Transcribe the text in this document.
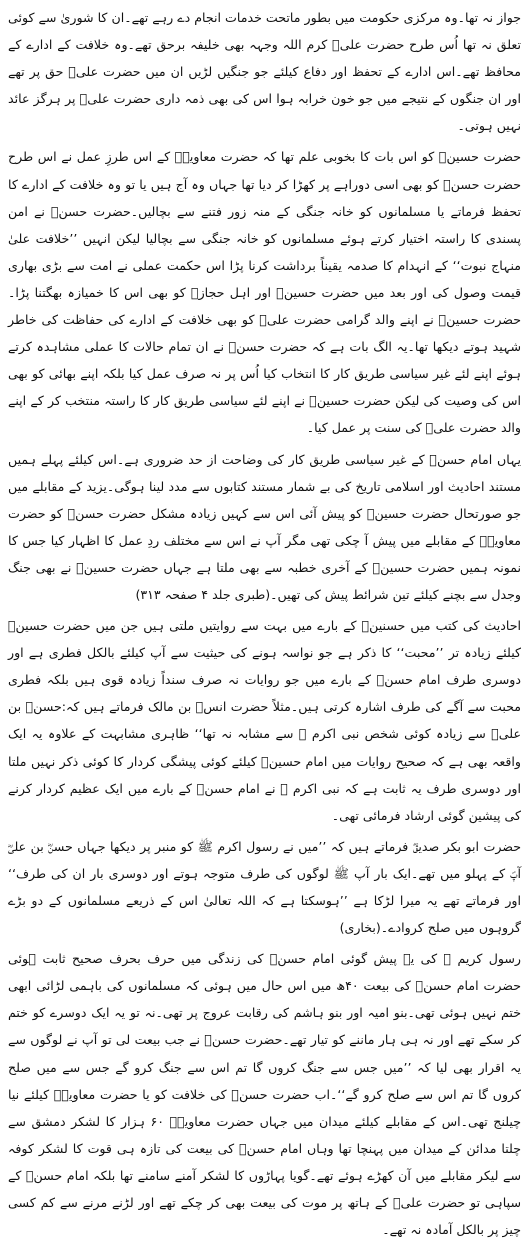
جواز نہ تھا۔وہ مرکزی حکومت میں بطور ماتحت خدمات انجام دے رہے تھے۔ان کا شوریٰ سے کوئی تعلق نہ تھا اُس طرح حضرت علیؓ کرم اللہ وجہہ بھی خلیفہ برحق تھے۔وہ خلافت کے ادارے کے محافظ تھے۔اس ادارے کے تحفظ اور دفاع کیلئے جو جنگیں لڑیں ان میں حضرت علیؓ حق پر تھے اور ان جنگوں کے نتیجے میں جو خون خرابہ ہوا اس کی بھی ذمہ داری حضرت علیؓ پر ہرگز عائد نہیں ہوتی۔

حضرت حسینؓ کو اس بات کا بخوبی علم تھا کہ حضرت معاویہؓ کے اس طرزِ عمل نے اس طرح حضرت حسنؓ کو بھی اسی دوراہے پر کھڑا کر دیا تھا جہاں وہ آج ہیں یا تو وہ خلافت کے ادارے کا تحفظ فرماتے یا مسلمانوں کو خانہ جنگی کے منہ زور فتنے سے بچالیں۔حضرت حسنؓ نے امن پسندی کا راستہ اختیار کرتے ہوئے مسلمانوں کو خانہ جنگی سے بچالیا لیکن انہیں ’’خلافت علیٰ منہاج نبوت‘‘ کے انہدام کا صدمہ یقیناً برداشت کرنا پڑا اس حکمت عملی نے امت سے بڑی بھاری قیمت وصول کی اور بعد میں حضرت حسینؓ اور اہل حجازؓ کو بھی اس کا خمیازہ بھگتنا پڑا۔حضرت حسینؓ نے اپنے والد گرامی حضرت علیؓ کو بھی خلافت کے ادارے کی حفاظت کی خاطر شہید ہوتے دیکھا تھا۔یہ الگ بات ہے کہ حضرت حسنؓ نے ان تمام حالات کا عملی مشاہدہ کرتے ہوئے اپنے لئے غیر سیاسی طریق کار کا انتخاب کیا اُس پر نہ صرف عمل کیا بلکہ اپنے بھائی کو بھی اس کی وصیت کی لیکن حضرت حسینؓ نے اپنے لئے سیاسی طریق کار کا راستہ منتخب کر کے اپنے والد حضرت علیؓ کی سنت پر عمل کیا۔

یہاں امام حسنؓ کے غیر سیاسی طریق کار کی وضاحت از حد ضروری ہے۔اس کیلئے پہلے ہمیں مستند احادیث اور اسلامی تاریخ کی بے شمار مستند کتابوں سے مدد لینا ہوگی۔یزید کے مقابلے میں جو صورتحال حضرت حسینؓ کو پیش آئی اس سے کہیں زیادہ مشکل حضرت حسنؓ کو حضرت معاویہؓ کے مقابلے میں پیش آ چکی تھی مگر آپ نے اس سے مختلف ردِ عمل کا اظہار کیا جس کا نمونہ ہمیں حضرت حسینؓ کے آخری خطبہ سے بھی ملتا ہے جہاں حضرت حسینؓ نے بھی جنگ وجدل سے بچنے کیلئے تین شرائط پیش کی تھیں۔(طبری جلد ۴ صفحہ ۳۱۳)

احادیث کی کتب میں حسنینؓ کے بارے میں بہت سے روایتیں ملتی ہیں جن میں حضرت حسینؓ کیلئے زیادہ تر ’’محبت‘‘ کا ذکر ہے جو نواسہ ہونے کی حیثیت سے آپ کیلئے بالکل فطری ہے اور دوسری طرف امام حسنؓ کے بارے میں جو روایات نہ صرف سنداً زیادہ قوی ہیں بلکہ فطری محبت سے آگے کی طرف اشارہ کرتی ہیں۔مثلاً حضرت انسؓ بن مالک فرماتے ہیں کہ:حسنؓ بن علیؓ سے زیادہ کوئی شخص نبی اکرم ﷺ سے مشابہ نہ تھا‘‘ ظاہری مشابہت کے علاوہ یہ ایک واقعہ بھی ہے کہ صحیح روایات میں امام حسینؓ کیلئے کوئی پیشگی کردار کا کوئی ذکر نہیں ملتا اور دوسری طرف یہ ثابت ہے کہ نبی اکرم ﷺ نے امام حسنؓ کے بارے میں ایک عظیم کردار کرنے کی پیشین گوئی ارشاد فرمائی تھی۔

حضرت ابو بکر صدیقؓ فرماتے ہیں کہ ’’میں نے رسول اکرم ﷺ کو منبر پر دیکھا جہاں حسنؓ بن علیؓ آپؐ کے پہلو میں تھے۔ایک بار آپ ﷺ لوگوں کی طرف متوجہ ہوتے اور دوسری بار ان کی طرف‘‘ اور فرماتے تھے یہ میرا لڑکا ہے ’’ہوسکتا ہے کہ اللہ تعالیٰ اس کے ذریعے مسلمانوں کے دو بڑے گروہوں میں صلح کروادے۔(بخاری)

رسول کریم ﷺ کی یہ پیش گوئی امام حسنؓ کی زندگی میں حرف بحرف صحیح ثابت ہوئی حضرت امام حسنؓ کی بیعت ۴۰ھ میں اس حال میں ہوئی کہ مسلمانوں کی باہمی لڑائی ابھی ختم نہیں ہوئی تھی۔بنو امیہ اور بنو ہاشم کی رقابت عروج پر تھی۔نہ تو یہ ایک دوسرے کو ختم کر سکے تھے اور نہ ہی ہار ماننے کو تیار تھے۔حضرت حسنؓ نے جب بیعت لی تو آپ نے لوگوں سے یہ اقرار بھی لیا کہ ’’میں جس سے جنگ کروں گا تم اس سے جنگ کرو گے جس سے میں صلح کروں گا تم اس سے صلح کرو گے‘‘۔اب حضرت حسنؓ کی خلافت کو یا حضرت معاویہؓ کیلئے نیا چیلنج تھی۔اس کے مقابلے کیلئے میدان میں جہاں حضرت معاویہؓ ۶۰ ہزار کا لشکر دمشق سے چلتا مدائن کے میدان میں پہنچا تھا وہاں امام حسنؓ کی بیعت کی تازہ ہی قوت کا لشکر کوفہ سے لیکر مقابلے میں آن کھڑے ہوئے تھے۔گویا پہاڑوں کا لشکر آمنے سامنے تھا بلکہ امام حسنؓ کے سپاہی تو حضرت علیؓ کے ہاتھ پر موت کی بیعت بھی کر چکے تھے اور لڑنے مرنے سے کم کسی چیز پر بالکل آمادہ نہ تھے۔
